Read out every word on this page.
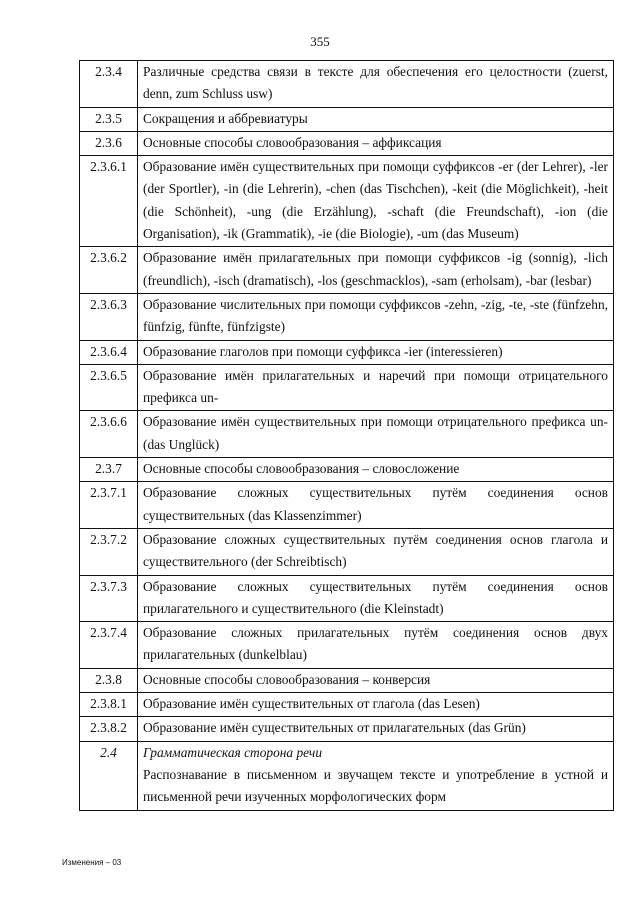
355
2.3.4	Различные средства связи в тексте для обеспечения его целостности (zuerst, denn, zum Schluss usw)
2.3.5	Сокращения и аббревиатуры
2.3.6	Основные способы словообразования – аффиксация
2.3.6.1	Образование имён существительных при помощи суффиксов -er (der Lehrer), -ler (der Sportler), -in (die Lehrerin), -chen (das Tischchen), -keit (die Möglichkeit), -heit (die Schönheit), -ung (die Erzählung), -schaft (die Freundschaft), -ion (die Organisation), -ik (Grammatik), -ie (die Biologie), -um (das Museum)
2.3.6.2	Образование имён прилагательных при помощи суффиксов -ig (sonnig), -lich (freundlich), -isch (dramatisch), -los (geschmacklos), -sam (erholsam), -bar (lesbar)
2.3.6.3	Образование числительных при помощи суффиксов -zehn, -zig, -te, -ste (fünfzehn, fünfzig, fünfte, fünfzigste)
2.3.6.4	Образование глаголов при помощи суффикса -ier (interessieren)
2.3.6.5	Образование имён прилагательных и наречий при помощи отрицательного префикса un-
2.3.6.6	Образование имён существительных при помощи отрицательного префикса un- (das Unglück)
2.3.7	Основные способы словообразования – словосложение
2.3.7.1	Образование сложных существительных путём соединения основ существительных (das Klassenzimmer)
2.3.7.2	Образование сложных существительных путём соединения основ глагола и существительного (der Schreibtisch)
2.3.7.3	Образование сложных существительных путём соединения основ прилагательного и существительного (die Kleinstadt)
2.3.7.4	Образование сложных прилагательных путём соединения основ двух прилагательных (dunkelblau)
2.3.8	Основные способы словообразования – конверсия
2.3.8.1	Образование имён существительных от глагола (das Lesen)
2.3.8.2	Образование имён существительных от прилагательных (das Grün)
2.4	Грамматическая сторона речи
Распознавание в письменном и звучащем тексте и употребление в устной и письменной речи изученных морфологических форм
Изменения – 03
